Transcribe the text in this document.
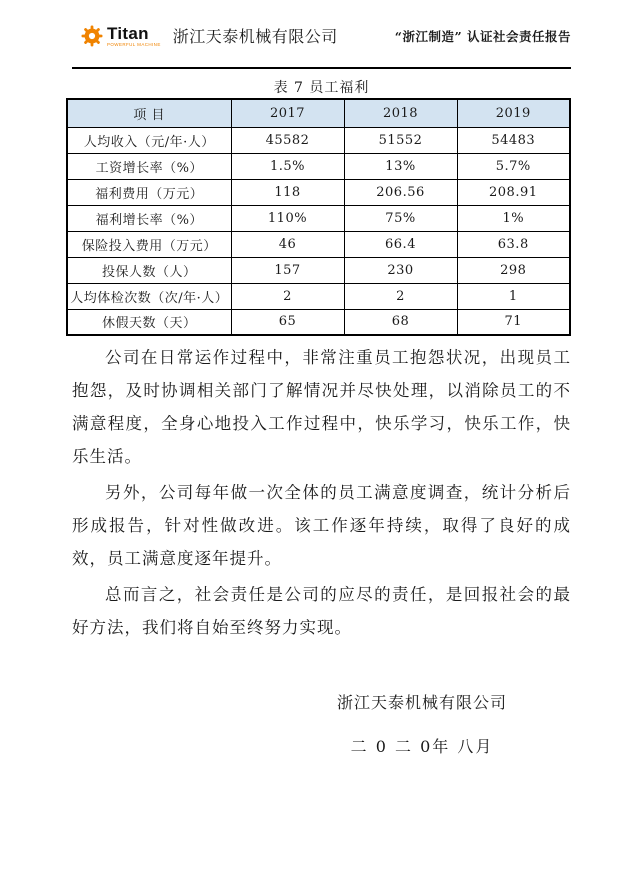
Titan
POWERFUL MACHINE 浙江天泰机械有限公司	“浙江制造” 认证社会责任报告
表 7 员工福利
项 目	2017	2018	2019
人均收入（元/年·人）	45582	51552	54483
工资增长率（%）	1.5%	13%	5.7%
福利费用（万元）	118	206.56	208.91
福利增长率（%）	110%	75%	1%
保险投入费用（万元）	46	66.4	63.8
投保人数（人）	157	230	298
人均体检次数（次/年·人）	2	2	1
休假天数（天）	65	68	71

公司在日常运作过程中，非常注重员工抱怨状况，出现员工抱怨，及时协调相关部门了解情况并尽快处理，以消除员工的不满意程度，全身心地投入工作过程中，快乐学习，快乐工作，快乐生活。

另外，公司每年做一次全体的员工满意度调查，统计分析后形成报告，针对性做改进。该工作逐年持续，取得了良好的成效，员工满意度逐年提升。

总而言之，社会责任是公司的应尽的责任，是回报社会的最好方法，我们将自始至终努力实现。

浙江天泰机械有限公司
二 0 二 0年 八月
